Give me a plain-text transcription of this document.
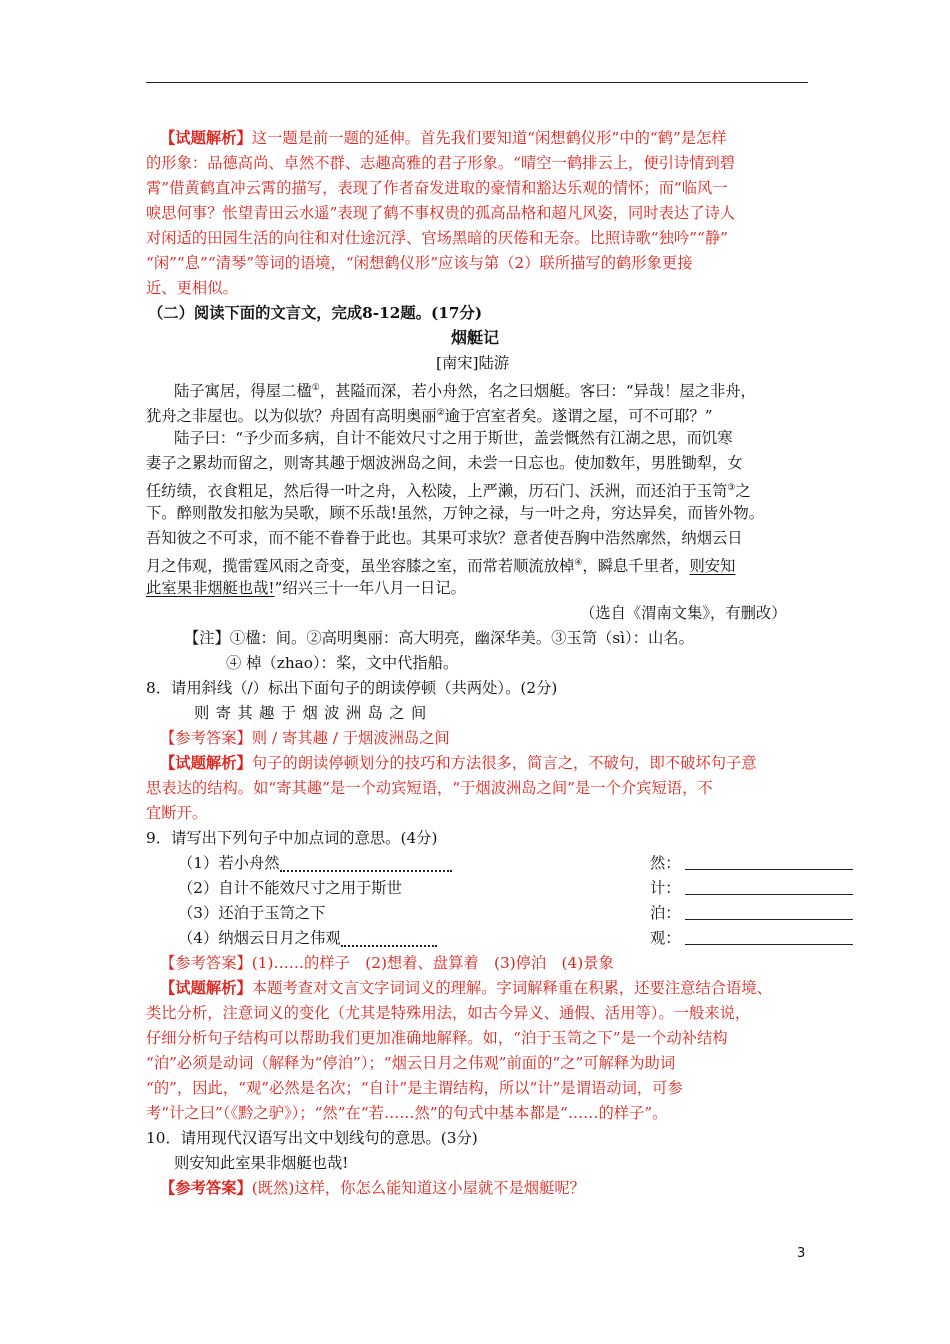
【试题解析】这一题是前一题的延伸。首先我们要知道“闲想鹤仪形”中的“鹤”是怎样
的形象：品德高尚、卓然不群、志趣高雅的君子形象。“晴空一鹤排云上，便引诗情到碧
霄”借黄鹤直冲云霄的描写，表现了作者奋发进取的豪情和豁达乐观的情怀；而“临风一
唳思何事？怅望青田云水遥”表现了鹤不事权贵的孤高品格和超凡风姿，同时表达了诗人
对闲适的田园生活的向往和对仕途沉浮、官场黑暗的厌倦和无奈。比照诗歌“独吟”“静”
“闲”“息”“清琴”等词的语境，“闲想鹤仪形”应该与第（2）联所描写的鹤形象更接
近、更相似。
（二）阅读下面的文言文，完成8-12题。(17分)
烟艇记
[南宋]陆游
陆子寓居，得屋二楹①，甚隘而深，若小舟然，名之曰烟艇。客曰：“异哉！屋之非舟，
犹舟之非屋也。以为似欤？舟固有高明奥丽②逾于宫室者矣。遂谓之屋，可不可耶？”
陆子曰：“予少而多病，自计不能效尺寸之用于斯世，盖尝慨然有江湖之思，而饥寒
妻子之累劫而留之，则寄其趣于烟波洲岛之间，未尝一日忘也。使加数年，男胜锄犁，女
任纺绩，衣食粗足，然后得一叶之舟，入松陵，上严濑，历石门、沃洲，而还泊于玉笥③之
下。醉则散发扣舷为吴歌，顾不乐哉!虽然，万钟之禄，与一叶之舟，穷达异矣，而皆外物。
吾知彼之不可求，而不能不眷眷于此也。其果可求欤？意者使吾胸中浩然廓然，纳烟云日
月之伟观，揽雷霆风雨之奇变，虽坐容膝之室，而常若顺流放棹④，瞬息千里者，则安知
此室果非烟艇也哉!”绍兴三十一年八月一日记。
（选自《渭南文集》，有删改）
【注】①楹：间。②高明奥丽：高大明亮，幽深华美。③玉笥（sì）：山名。
④ 棹（zhao）：桨，文中代指船。
8．请用斜线（/）标出下面句子的朗读停顿（共两处）。(2分)
则寄其趣于烟波洲岛之间
【参考答案】则 / 寄其趣 / 于烟波洲岛之间
【试题解析】句子的朗读停顿划分的技巧和方法很多，简言之，不破句，即不破坏句子意
思表达的结构。如“寄其趣”是一个动宾短语，“于烟波洲岛之间”是一个介宾短语，不
宜断开。
9．请写出下列句子中加点词的意思。(4分)
（1）若小舟然	然：
（2）自计不能效尺寸之用于斯世	计：
（3）还泊于玉笥之下	泊：
（4）纳烟云日月之伟观	观：
【参考答案】(1)……的样子　(2)想着、盘算着　(3)停泊　(4)景象
【试题解析】本题考查对文言文字词词义的理解。字词解释重在积累，还要注意结合语境、
类比分析，注意词义的变化（尤其是特殊用法，如古今异义、通假、活用等）。一般来说，
仔细分析句子结构可以帮助我们更加准确地解释。如，“泊于玉笥之下”是一个动补结构
“泊”必须是动词（解释为“停泊”）；“烟云日月之伟观”前面的“之”可解释为助词
“的”，因此，“观”必然是名次；“自计”是主谓结构，所以“计”是谓语动词，可参
考“计之曰”（《黔之驴》）；“然”在“若……然”的句式中基本都是“……的样子”。
10．请用现代汉语写出文中划线句的意思。(3分)
则安知此室果非烟艇也哉!
【参考答案】(既然)这样，你怎么能知道这小屋就不是烟艇呢？
3
